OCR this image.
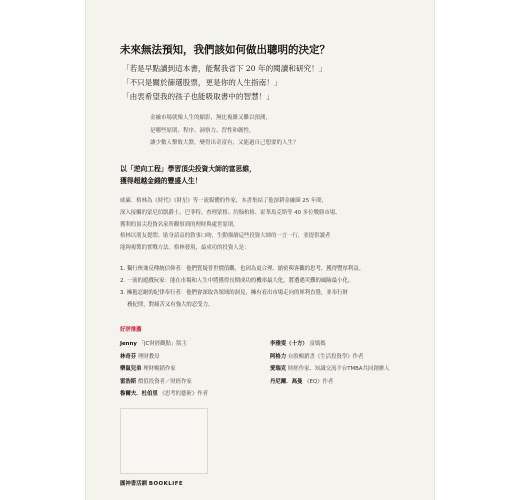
未來無法預知，我們該如何做出聰明的決定？
「若是早點讀到這本書，能幫我省下 20 年的閱讀和研究！」
「不只是關於篩選股票，更是你的人生指南！」
「由衷希望我的孩子也能吸取書中的智慧！」
金融市場就像人生的縮影，無比複雜又難以預測，
是哪些原則、程序、洞察力、習性和韌性，
讓少數人擊敗大盤，變得出奇富有，又能過自己想要的人生？
以「逆向工程」學習頂尖投資大師的富思維，
獲得超越金錢的豐盛人生！
威廉．格林為《時代》《財星》等一流媒體的作家，本書集結了他深耕金融圈 25 年間，
深入接觸的蒙尼伯凱爵士、巴菲特、查理蒙格、約翰柏格、霍華馬克斯等 40 多位戰勝市場、
獲利的頂尖投資名家所觀察到的理財與處世原則。
格林以朋友提問、貼身請益的敘事口吻，生動描繪這些投資大師的一言一行，並提供讀者
能夠複製的實戰方法。格林發現，最成功的投資人是：
1. 獨行俠兼反傳統信仰者：他們質疑普世價值觀，也因為更合理、縝密與客觀的思考，獲得豐厚利益。
2. 一流的遊戲玩家：能在市場和人生中將獲得長期成功的機率最大化，將遭遇災難的風險最小化。
3. 擁抱忍耐的紀律奉行者：他們會深取各領域的洞見，擁有看出市場走向的犀利直覺，並奉行財
　 務紀律，對痛苦又有強大的忍受力。
好評推薦
Jenny 「JC財經觀點」版主	李雅雯（十方） 富媽媽
林奇芬 理財教母	阿格力 台股暢銷書《生活投資學》作者
樂鼠兒弟 理財暢銷作家	愛瑞克 財經作家、知識交流平台TMBA共同創辦人
雷浩斯 價值投資者／財經作家	丹尼爾．高曼 《EQ》作者
魯爾夫．杜伯里 《思考的藝術》作者
圓神書活網 BOOKLIFE
